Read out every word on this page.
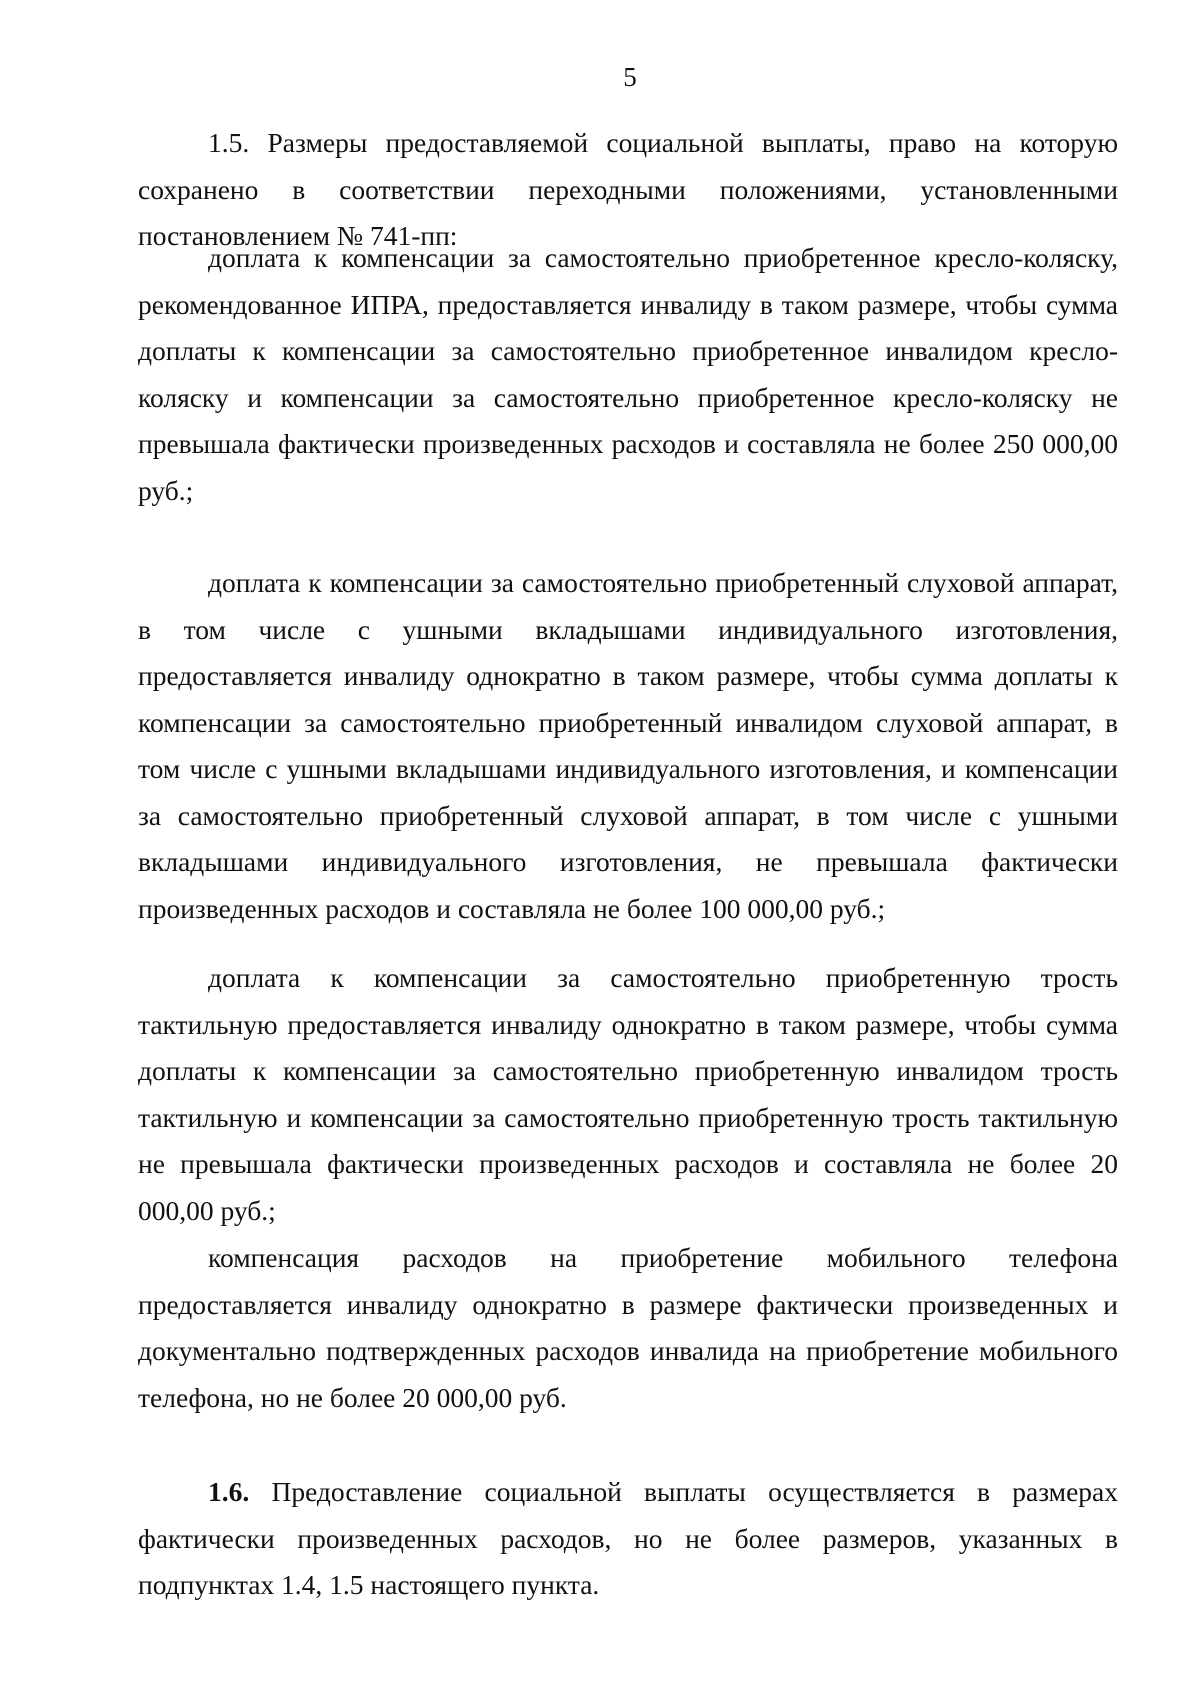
5

1.5. Размеры предоставляемой социальной выплаты, право на которую сохранено в соответствии переходными положениями, установленными постановлением № 741-пп:

доплата к компенсации за самостоятельно приобретенное кресло-коляску, рекомендованное ИПРА, предоставляется инвалиду в таком размере, чтобы сумма доплаты к компенсации за самостоятельно приобретенное инвалидом кресло-коляску и компенсации за самостоятельно приобретенное кресло-коляску не превышала фактически произведенных расходов и составляла не более 250 000,00 руб.;

доплата к компенсации за самостоятельно приобретенный слуховой аппарат, в том числе с ушными вкладышами индивидуального изготовления, предоставляется инвалиду однократно в таком размере, чтобы сумма доплаты к компенсации за самостоятельно приобретенный инвалидом слуховой аппарат, в том числе с ушными вкладышами индивидуального изготовления, и компенсации за самостоятельно приобретенный слуховой аппарат, в том числе с ушными вкладышами индивидуального изготовления, не превышала фактически произведенных расходов и составляла не более 100 000,00 руб.;

доплата к компенсации за самостоятельно приобретенную трость тактильную предоставляется инвалиду однократно в таком размере, чтобы сумма доплаты к компенсации за самостоятельно приобретенную инвалидом трость тактильную и компенсации за самостоятельно приобретенную трость тактильную не превышала фактически произведенных расходов и составляла не более 20 000,00 руб.;

компенсация расходов на приобретение мобильного телефона предоставляется инвалиду однократно в размере фактически произведенных и документально подтвержденных расходов инвалида на приобретение мобильного телефона, но не более 20 000,00 руб.

1.6. Предоставление социальной выплаты осуществляется в размерах фактически произведенных расходов, но не более размеров, указанных в подпунктах 1.4, 1.5 настоящего пункта.
